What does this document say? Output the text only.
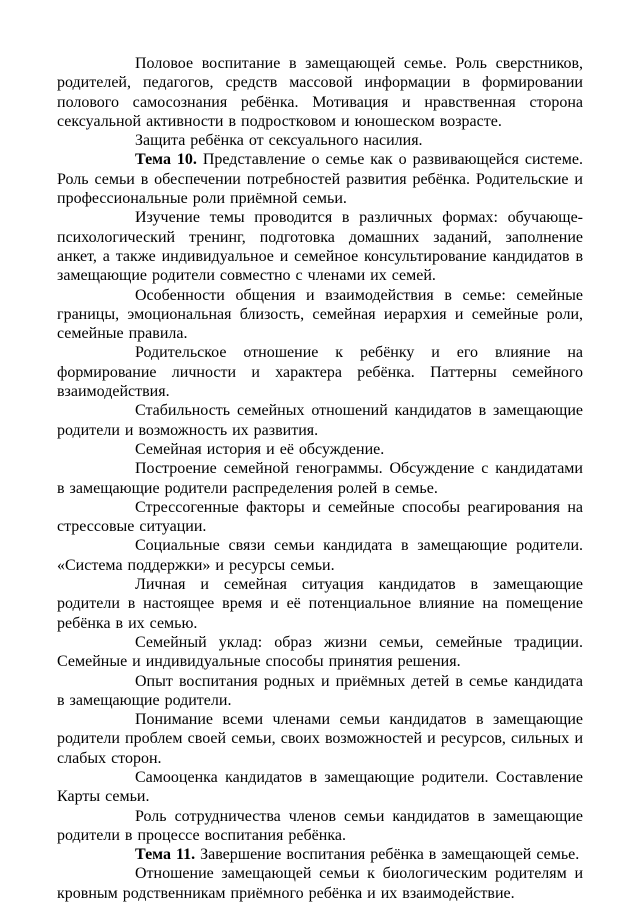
Половое воспитание в замещающей семье. Роль сверстников, родителей, педагогов, средств массовой информации в формировании полового самосознания ребёнка. Мотивация и нравственная сторона сексуальной активности в подростковом и юношеском возрасте.

Защита ребёнка от сексуального насилия.

Тема 10. Представление о семье как о развивающейся системе. Роль семьи в обеспечении потребностей развития ребёнка. Родительские и профессиональные роли приёмной семьи.

Изучение темы проводится в различных формах: обучающе-психологический тренинг, подготовка домашних заданий, заполнение анкет, а также индивидуальное и семейное консультирование кандидатов в замещающие родители совместно с членами их семей.

Особенности общения и взаимодействия в семье: семейные границы, эмоциональная близость, семейная иерархия и семейные роли, семейные правила.

Родительское отношение к ребёнку и его влияние на формирование личности и характера ребёнка. Паттерны семейного взаимодействия.

Стабильность семейных отношений кандидатов в замещающие родители и возможность их развития.

Семейная история и её обсуждение.

Построение семейной генограммы. Обсуждение с кандидатами в замещающие родители распределения ролей в семье.

Стрессогенные факторы и семейные способы реагирования на стрессовые ситуации.

Социальные связи семьи кандидата в замещающие родители. «Система поддержки» и ресурсы семьи.

Личная и семейная ситуация кандидатов в замещающие родители в настоящее время и её потенциальное влияние на помещение ребёнка в их семью.

Семейный уклад: образ жизни семьи, семейные традиции. Семейные и индивидуальные способы принятия решения.

Опыт воспитания родных и приёмных детей в семье кандидата в замещающие родители.

Понимание всеми членами семьи кандидатов в замещающие родители проблем своей семьи, своих возможностей и ресурсов, сильных и слабых сторон.

Самооценка кандидатов в замещающие родители. Составление Карты семьи.

Роль сотрудничества членов семьи кандидатов в замещающие родители в процессе воспитания ребёнка.

Тема 11. Завершение воспитания ребёнка в замещающей семье.

Отношение замещающей семьи к биологическим родителям и кровным родственникам приёмного ребёнка и их взаимодействие.
